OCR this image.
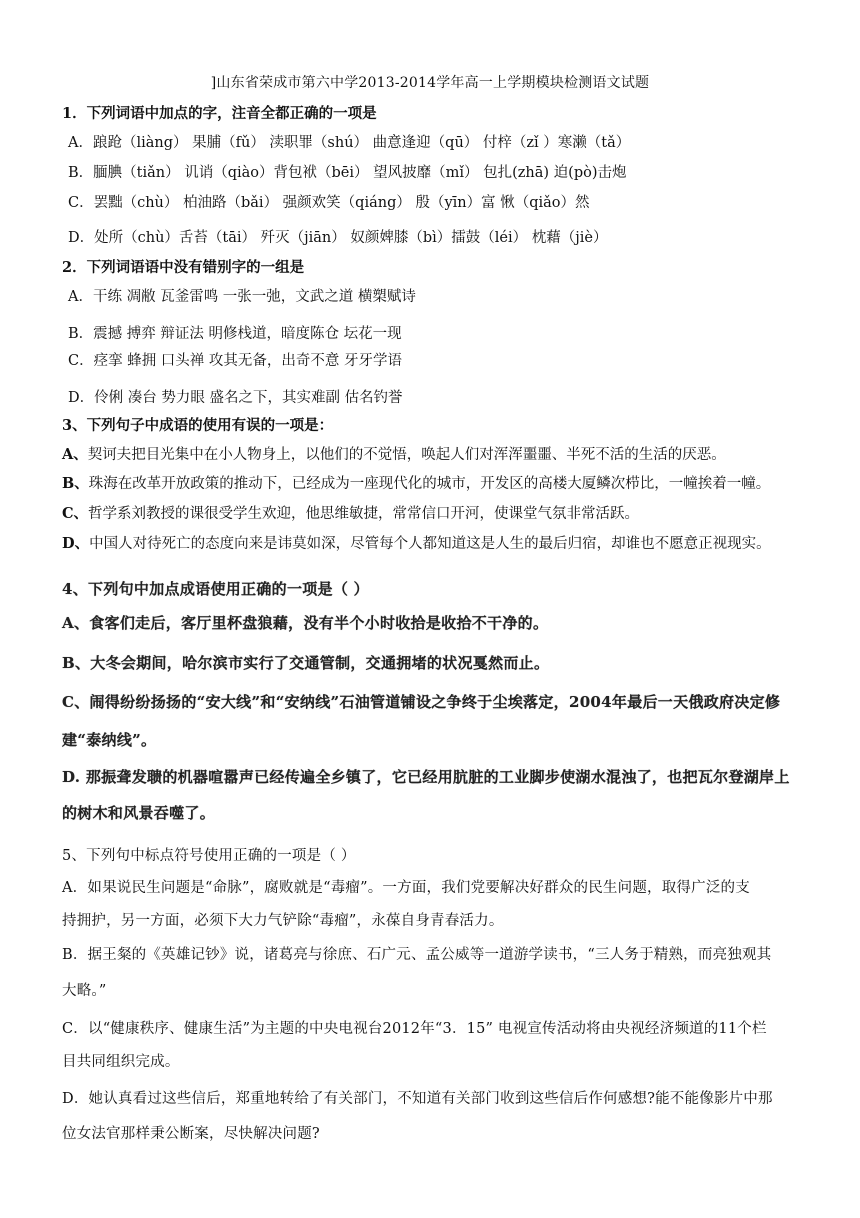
]山东省荣成市第六中学2013-2014学年高一上学期模块检测语文试题
1．下列词语中加点的字，注音全都正确的一项是
A．踉跄（liàng） 果脯（fǔ） 渎职罪（shú） 曲意逢迎（qū） 付梓（zǐ ）寒濑（tǎ）
B．腼腆（tiǎn） 讥诮（qiào）背包袱（bēi） 望风披靡（mǐ） 包扎(zhā) 迫(pò)击炮
C．罢黜（chù） 柏油路（bǎi） 强颜欢笑（qiáng） 殷（yīn）富 愀（qiǎo）然
D．处所（chù）舌苔（tāi） 歼灭（jiān） 奴颜婢膝（bì）擂鼓（léi） 枕藉（jiè）
2．下列词语语中没有错别字的一组是
A．干练 凋敝 瓦釜雷鸣 一张一弛，文武之道 横槊赋诗
B．震撼 搏弈 辩证法 明修栈道，暗度陈仓 坛花一现
C．痉挛 蜂拥 口头禅 攻其无备，出奇不意 牙牙学语
D．伶俐 凑台 势力眼 盛名之下，其实难副 估名钓誉
3、下列句子中成语的使用有误的一项是：
A、契诃夫把目光集中在小人物身上，以他们的不觉悟，唤起人们对浑浑噩噩、半死不活的生活的厌恶。
B、珠海在改革开放政策的推动下，已经成为一座现代化的城市，开发区的高楼大厦鳞次栉比，一幢挨着一幢。
C、哲学系刘教授的课很受学生欢迎，他思维敏捷，常常信口开河，使课堂气氛非常活跃。
D、中国人对待死亡的态度向来是讳莫如深，尽管每个人都知道这是人生的最后归宿，却谁也不愿意正视现实。
4、下列句中加点成语使用正确的一项是（ ）
A、食客们走后，客厅里杯盘狼藉，没有半个小时收拾是收拾不干净的。
B、大冬会期间，哈尔滨市实行了交通管制，交通拥堵的状况戛然而止。
C、闹得纷纷扬扬的“安大线”和“安纳线”石油管道铺设之争终于尘埃落定，2004年最后一天俄政府决定修
建“泰纳线”。
D. 那振聋发聩的机器喧嚣声已经传遍全乡镇了，它已经用肮脏的工业脚步使湖水混浊了，也把瓦尔登湖岸上
的树木和风景吞噬了。
5、下列句中标点符号使用正确的一项是（ ）
A．如果说民生问题是“命脉”，腐败就是“毒瘤”。一方面，我们党要解决好群众的民生问题，取得广泛的支
持拥护，另一方面，必须下大力气铲除“毒瘤”，永葆自身青春活力。
B．据王粲的《英雄记钞》说，诸葛亮与徐庶、石广元、孟公威等一道游学读书，“三人务于精熟，而亮独观其
大略。”
C．以“健康秩序、健康生活”为主题的中央电视台2012年“3．15” 电视宣传活动将由央视经济频道的11个栏
目共同组织完成。
D．她认真看过这些信后，郑重地转给了有关部门，不知道有关部门收到这些信后作何感想?能不能像影片中那
位女法官那样秉公断案，尽快解决问题?
